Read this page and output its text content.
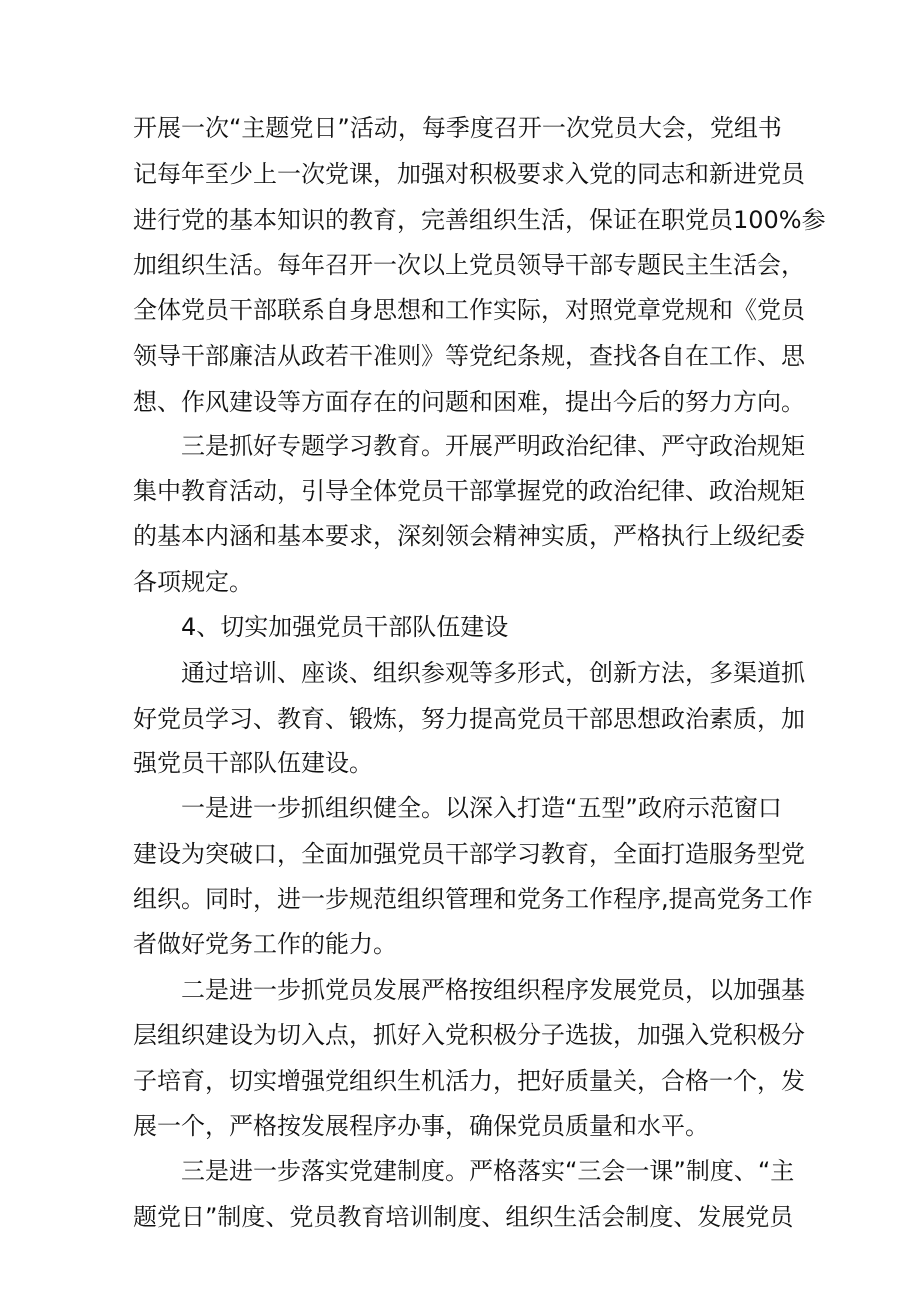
开展一次“主题党日”活动，每季度召开一次党员大会，党组书
记每年至少上一次党课，加强对积极要求入党的同志和新进党员
进行党的基本知识的教育，完善组织生活，保证在职党员100%参
加组织生活。每年召开一次以上党员领导干部专题民主生活会，
全体党员干部联系自身思想和工作实际，对照党章党规和《党员
领导干部廉洁从政若干准则》等党纪条规，查找各自在工作、思
想、作风建设等方面存在的问题和困难，提出今后的努力方向。
三是抓好专题学习教育。开展严明政治纪律、严守政治规矩
集中教育活动，引导全体党员干部掌握党的政治纪律、政治规矩
的基本内涵和基本要求，深刻领会精神实质，严格执行上级纪委
各项规定。
4、切实加强党员干部队伍建设
通过培训、座谈、组织参观等多形式，创新方法，多渠道抓
好党员学习、教育、锻炼，努力提高党员干部思想政治素质，加
强党员干部队伍建设。
一是进一步抓组织健全。以深入打造“五型”政府示范窗口
建设为突破口，全面加强党员干部学习教育，全面打造服务型党
组织。同时，进一步规范组织管理和党务工作程序,提高党务工作
者做好党务工作的能力。
二是进一步抓党员发展严格按组织程序发展党员，以加强基
层组织建设为切入点，抓好入党积极分子选拔，加强入党积极分
子培育，切实增强党组织生机活力，把好质量关，合格一个，发
展一个，严格按发展程序办事，确保党员质量和水平。
三是进一步落实党建制度。严格落实“三会一课”制度、“主
题党日”制度、党员教育培训制度、组织生活会制度、发展党员
